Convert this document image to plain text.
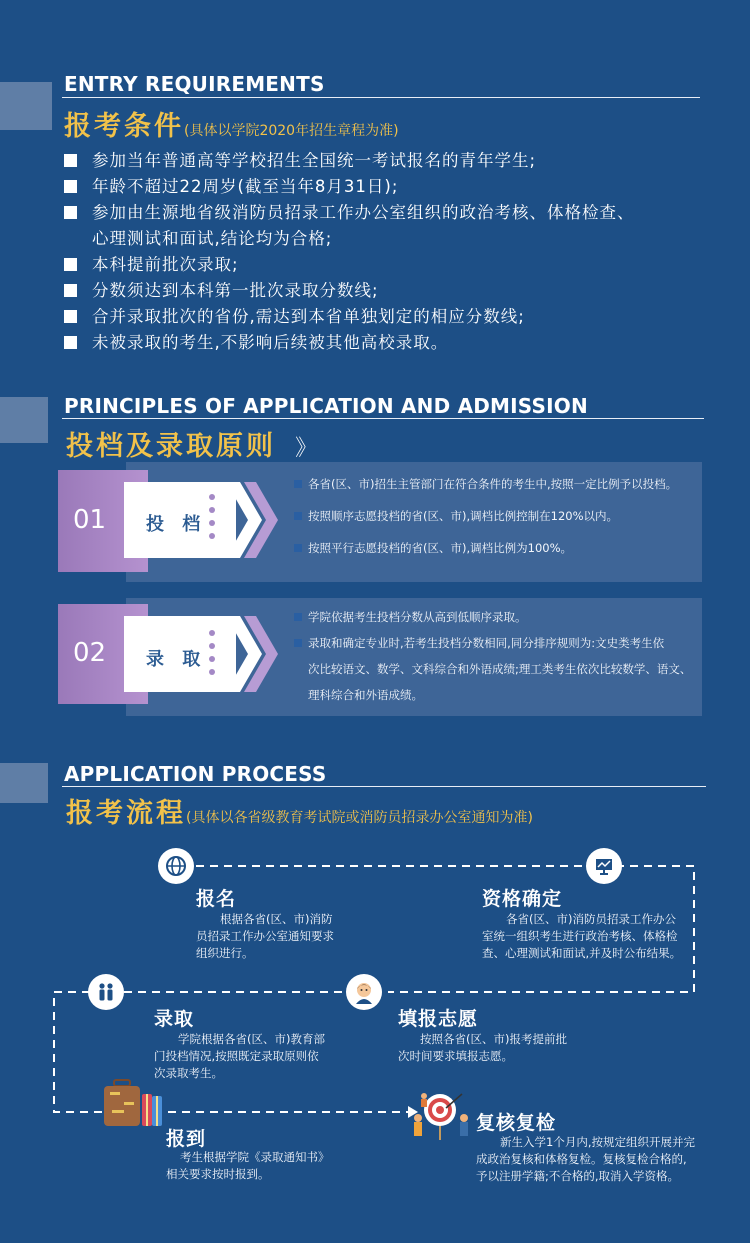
ENTRY REQUIREMENTS
报考条件(具体以学院2020年招生章程为准)
参加当年普通高等学校招生全国统一考试报名的青年学生;
年龄不超过22周岁(截至当年8月31日);
参加由生源地省级消防员招录工作办公室组织的政治考核、体格检查、
心理测试和面试,结论均为合格;
本科提前批次录取;
分数须达到本科第一批次录取分数线;
合并录取批次的省份,需达到本省单独划定的相应分数线;
未被录取的考生,不影响后续被其他高校录取。
PRINCIPLES OF APPLICATION AND ADMISSION
投档及录取原则 》
各省(区、市)招生主管部门在符合条件的考生中,按照一定比例予以投档。
按照顺序志愿投档的省(区、市),调档比例控制在120%以内。
按照平行志愿投档的省(区、市),调档比例为100%。
01 投 档
学院依据考生投档分数从高到低顺序录取。
录取和确定专业时,若考生投档分数相同,同分排序规则为:文史类考生依
次比较语文、数学、文科综合和外语成绩;理工类考生依次比较数学、语文、
理科综合和外语成绩。
02 录 取
APPLICATION PROCESS
报考流程(具体以各省级教育考试院或消防员招录办公室通知为准)
报名
根据各省(区、市)消防
员招录工作办公室通知要求
组织进行。
资格确定
各省(区、市)消防员招录工作办公
室统一组织考生进行政治考核、体格检
查、心理测试和面试,并及时公布结果。
填报志愿
按照各省(区、市)报考提前批
次时间要求填报志愿。
录取
学院根据各省(区、市)教育部
门投档情况,按照既定录取原则依
次录取考生。
报到
考生根据学院《录取通知书》
相关要求按时报到。
复核复检
新生入学1个月内,按规定组织开展并完
成政治复核和体格复检。复核复检合格的,
予以注册学籍;不合格的,取消入学资格。
